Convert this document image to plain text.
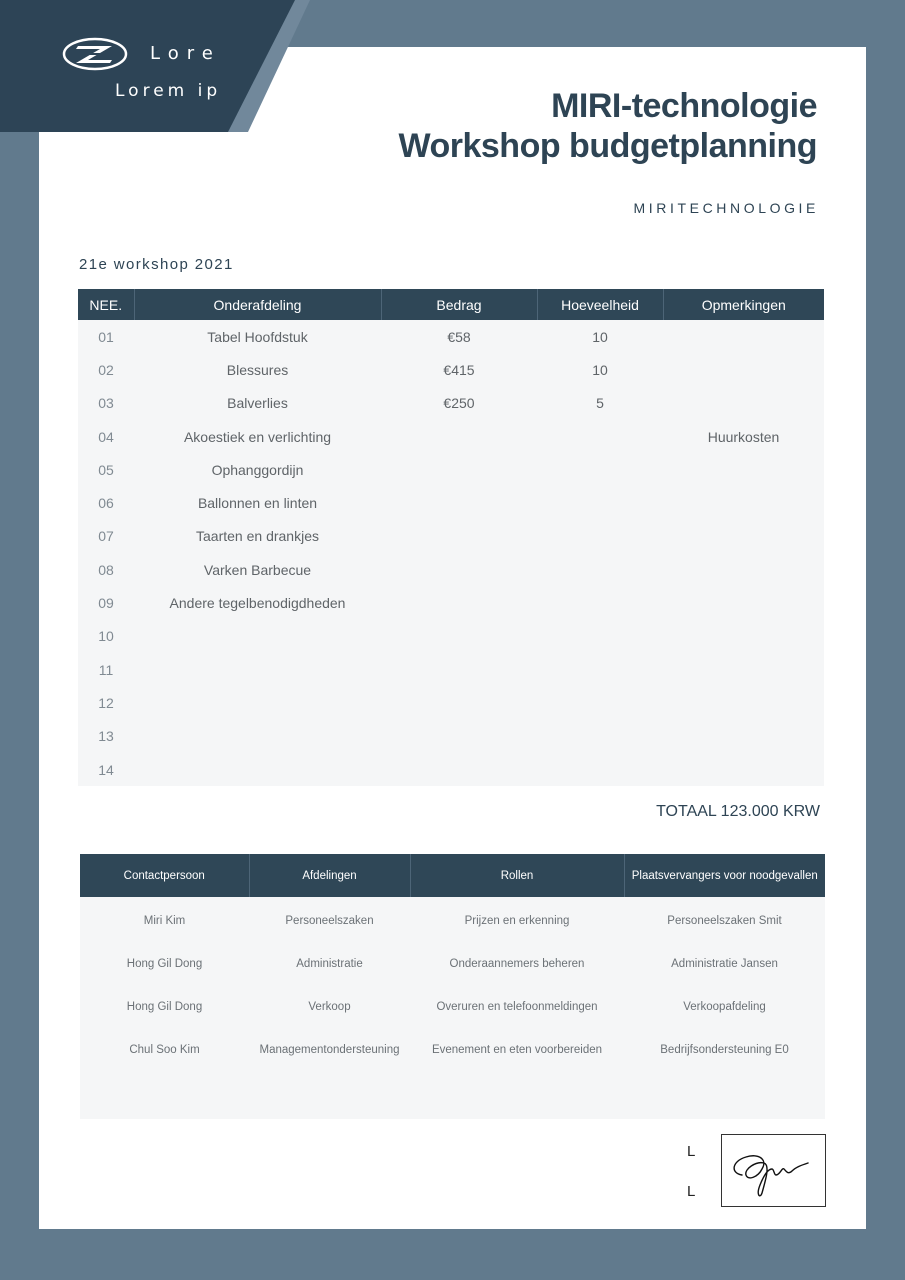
Lore
Lorem ip	MIRI-technologie
Workshop budgetplanning
MIRITECHNOLOGIE
21e workshop 2021
NEE.	Onderafdeling	Bedrag	Hoeveelheid	Opmerkingen
01	Tabel Hoofdstuk	€58	10	
02	Blessures	€415	10	
03	Balverlies	€250	5	
04	Akoestiek en verlichting			Huurkosten
05	Ophanggordijn			
06	Ballonnen en linten			
07	Taarten en drankjes			
08	Varken Barbecue			
09	Andere tegelbenodigdheden			
10				
11				
12				
13				
14				
TOTAAL 123.000 KRW
Contactpersoon	Afdelingen	Rollen	Plaatsvervangers voor noodgevallen
Miri Kim	Personeelszaken	Prijzen en erkenning	Personeelszaken Smit
Hong Gil Dong	Administratie	Onderaannemers beheren	Administratie Jansen
Hong Gil Dong	Verkoop	Overuren en telefoonmeldingen	Verkoopafdeling
Chul Soo Kim	Managementondersteuning	Evenement en eten voorbereiden	Bedrijfsondersteuning E0

L
L
